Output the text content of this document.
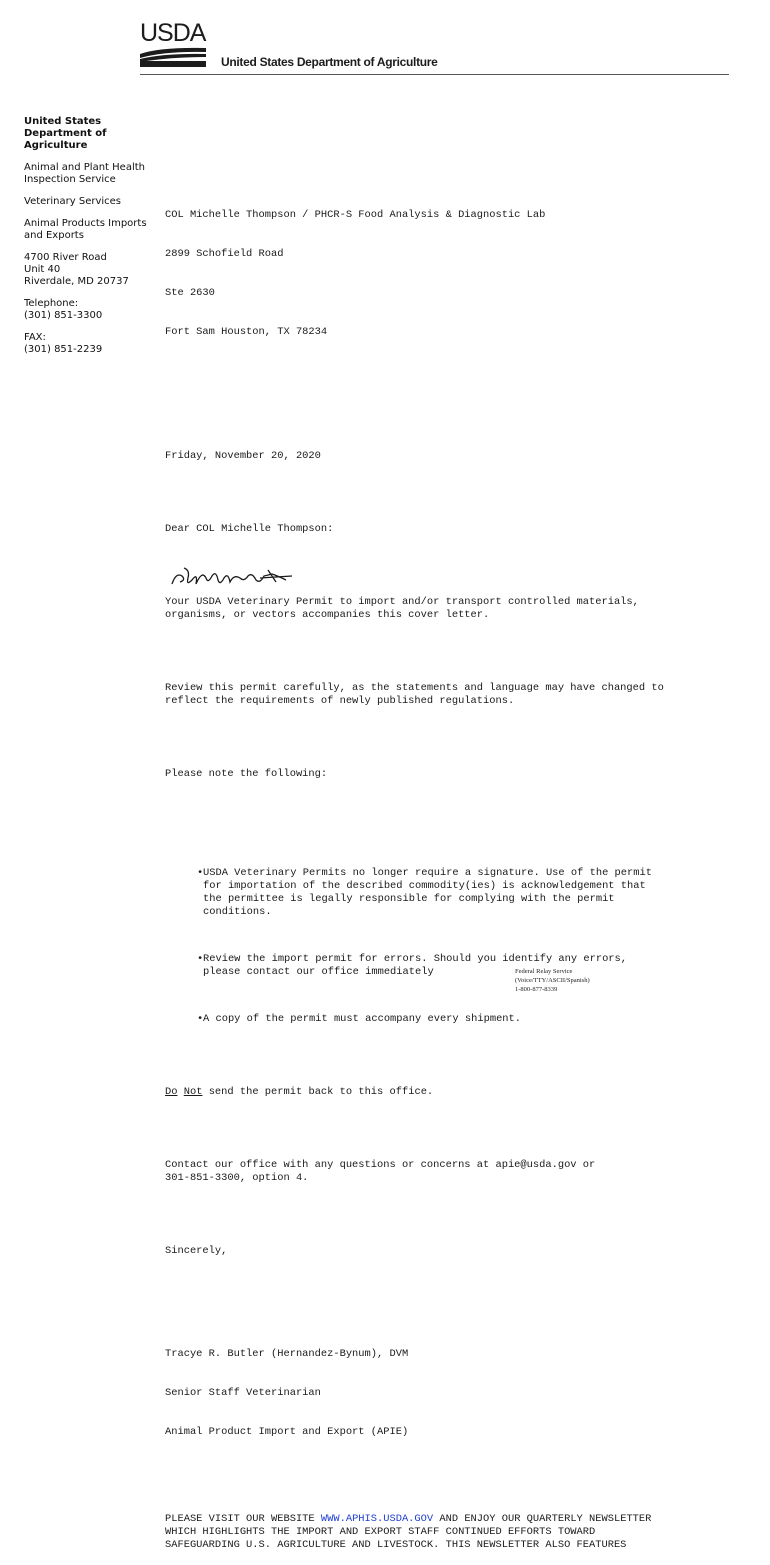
USDA
United States Department of Agriculture
United States Department of Agriculture
Animal and Plant Health Inspection Service
Veterinary Services
Animal Products Imports and Exports
4700 River Road
Unit 40
Riverdale, MD 20737
Telephone:
(301) 851-3300
FAX:
(301) 851-2239

COL Michelle Thompson / PHCR-S Food Analysis & Diagnostic Lab

2899 Schofield Road

Ste 2630

Fort Sam Houston, TX 78234

Friday, November 20, 2020

Dear COL Michelle Thompson:

Your USDA Veterinary Permit to import and/or transport controlled materials,
organisms, or vectors accompanies this cover letter.

Review this permit carefully, as the statements and language may have changed to
reflect the requirements of newly published regulations.

Please note the following:

• USDA Veterinary Permits no longer require a signature. Use of the permit
for importation of the described commodity(ies) is acknowledgement that
the permittee is legally responsible for complying with the permit
conditions.

• Review the import permit for errors. Should you identify any errors,
please contact our office immediately

• A copy of the permit must accompany every shipment.

Do Not send the permit back to this office.

Contact our office with any questions or concerns at apie@usda.gov or
301-851-3300, option 4.

Sincerely,

Tracye R. Butler (Hernandez-Bynum), DVM

Senior Staff Veterinarian

Animal Product Import and Export (APIE)

PLEASE VISIT OUR WEBSITE WWW.APHIS.USDA.GOV AND ENJOY OUR QUARTERLY NEWSLETTER
WHICH HIGHLIGHTS THE IMPORT AND EXPORT STAFF CONTINUED EFFORTS TOWARD
SAFEGUARDING U.S. AGRICULTURE AND LIVESTOCK. THIS NEWSLETTER ALSO FEATURES

Federal Relay Service
(Voice/TTY/ASCII/Spanish)
1-800-877-8339
